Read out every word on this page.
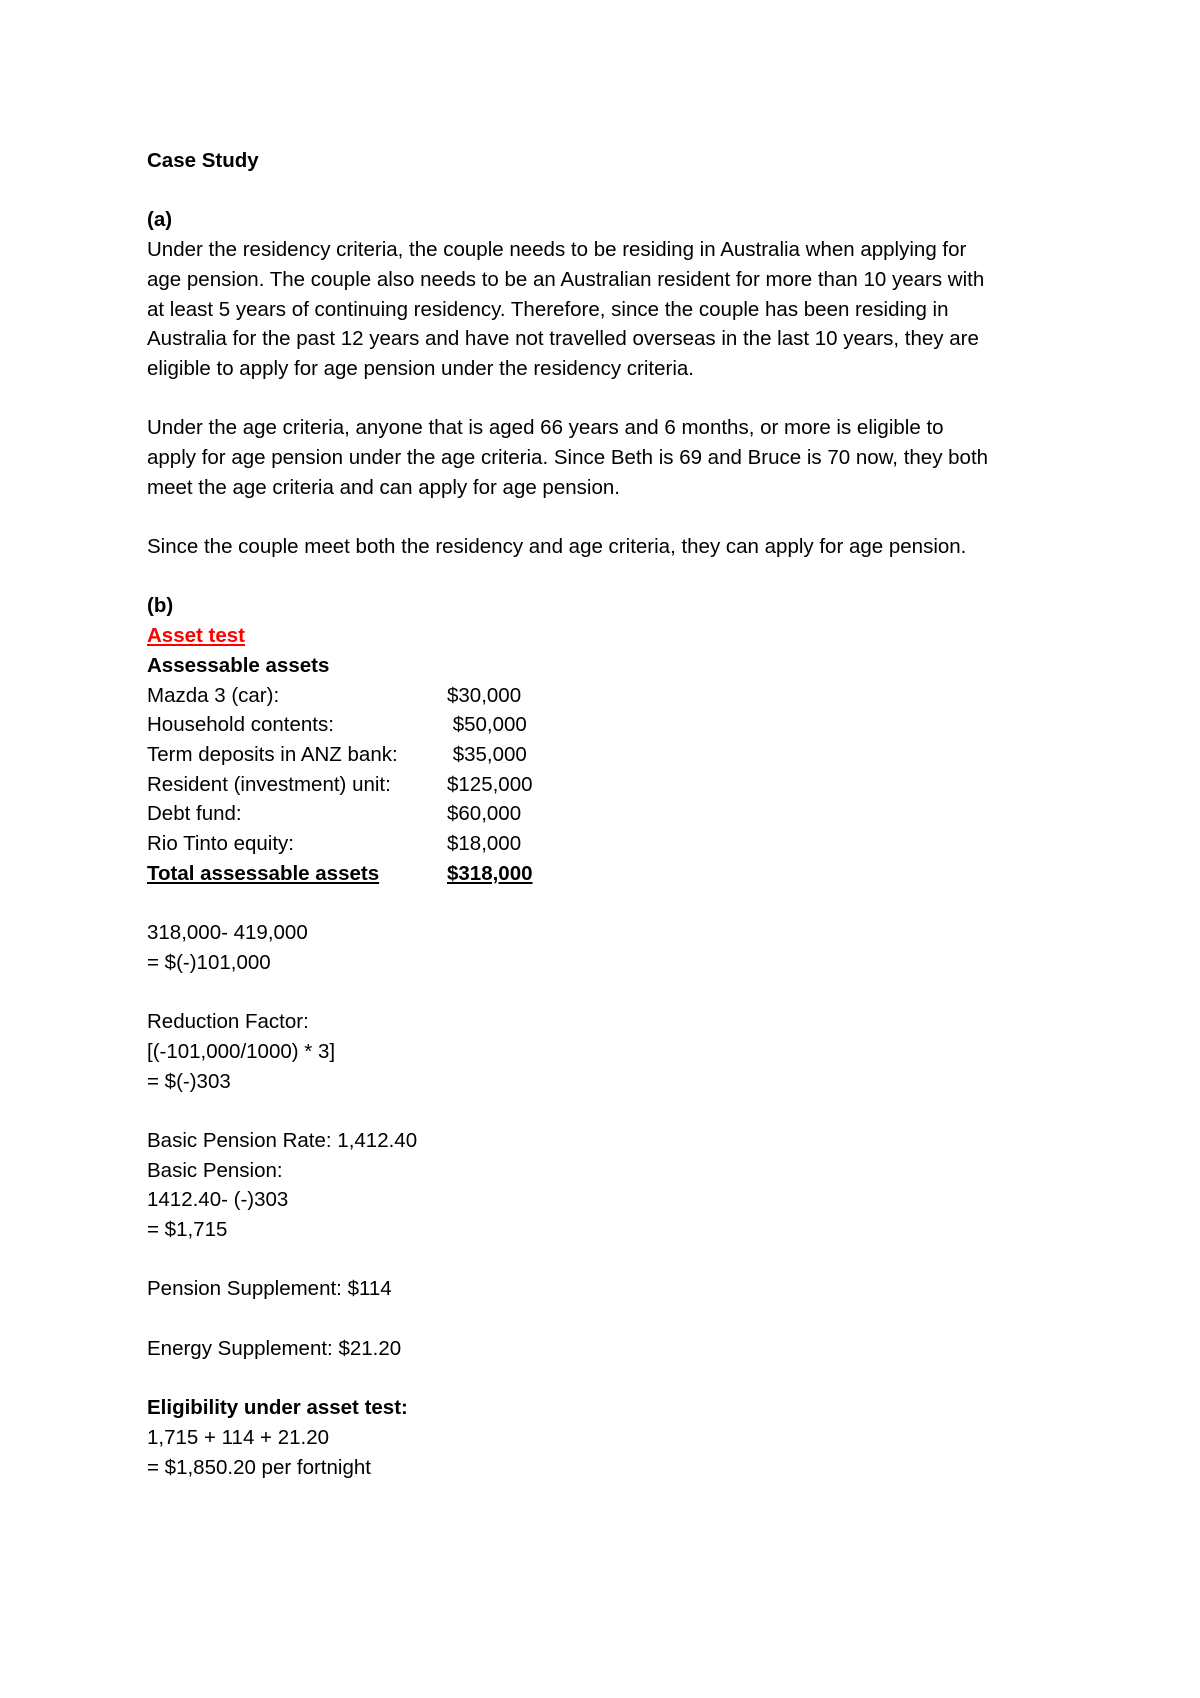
Case Study
(a)
Under the residency criteria, the couple needs to be residing in Australia when applying for
age pension. The couple also needs to be an Australian resident for more than 10 years with
at least 5 years of continuing residency. Therefore, since the couple has been residing in
Australia for the past 12 years and have not travelled overseas in the last 10 years, they are
eligible to apply for age pension under the residency criteria.
Under the age criteria, anyone that is aged 66 years and 6 months, or more is eligible to
apply for age pension under the age criteria. Since Beth is 69 and Bruce is 70 now, they both
meet the age criteria and can apply for age pension.
Since the couple meet both the residency and age criteria, they can apply for age pension.
(b)
Asset test
Assessable assets
Mazda 3 (car):	$30,000
Household contents:	$50,000
Term deposits in ANZ bank:	$35,000
Resident (investment) unit:	$125,000
Debt fund:	$60,000
Rio Tinto equity:	$18,000
Total assessable assets	$318,000
318,000- 419,000
= $(-)101,000
Reduction Factor:
[(-101,000/1000) * 3]
= $(-)303
Basic Pension Rate: 1,412.40
Basic Pension:
1412.40- (-)303
= $1,715
Pension Supplement: $114
Energy Supplement: $21.20
Eligibility under asset test:
1,715 + 114 + 21.20
= $1,850.20 per fortnight
